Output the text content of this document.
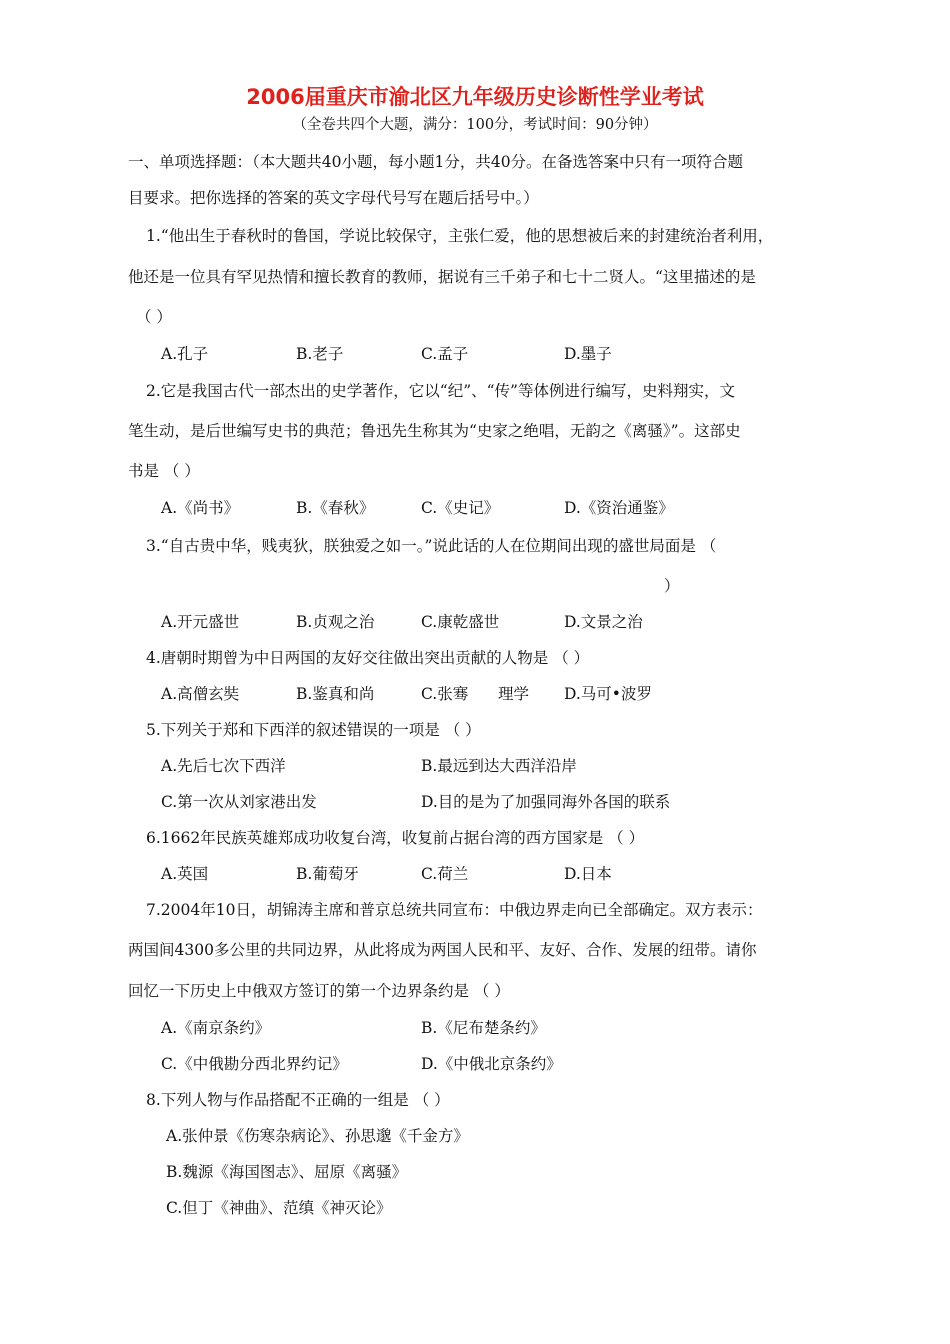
2006届重庆市渝北区九年级历史诊断性学业考试
（全卷共四个大题，满分：100分，考试时间：90分钟）
一、单项选择题：（本大题共40小题，每小题1分，共40分。在备选答案中只有一项符合题
目要求。把你选择的答案的英文字母代号写在题后括号中。）
1.“他出生于春秋时的鲁国，学说比较保守，主张仁爱，他的思想被后来的封建统治者利用，
他还是一位具有罕见热情和擅长教育的教师，据说有三千弟子和七十二贤人。“这里描述的是
（ ）
A.孔子	B.老子	C.孟子	D.墨子
2.它是我国古代一部杰出的史学著作，它以“纪”、“传”等体例进行编写，史料翔实，文
笔生动，是后世编写史书的典范；鲁迅先生称其为“史家之绝唱，无韵之《离骚》”。这部史
书是 （ ）
A.《尚书》	B.《春秋》	C.《史记》	D.《资治通鉴》
3.“自古贵中华，贱夷狄，朕独爱之如一。”说此话的人在位期间出现的盛世局面是 （
）
A.开元盛世	B.贞观之治	C.康乾盛世	D.文景之治
4.唐朝时期曾为中日两国的友好交往做出突出贡献的人物是 （ ）
A.高僧玄奘	B.鉴真和尚	C.张骞 理学 D.马可•波罗
5.下列关于郑和下西洋的叙述错误的一项是 （ ）
A.先后七次下西洋	B.最远到达大西洋沿岸
C.第一次从刘家港出发	D.目的是为了加强同海外各国的联系
6.1662年民族英雄郑成功收复台湾，收复前占据台湾的西方国家是 （ ）
A.英国	B.葡萄牙	C.荷兰	D.日本
7.2004年10日，胡锦涛主席和普京总统共同宣布：中俄边界走向已全部确定。双方表示：
两国间4300多公里的共同边界，从此将成为两国人民和平、友好、合作、发展的纽带。请你
回忆一下历史上中俄双方签订的第一个边界条约是 （ ）
A.《南京条约》	B.《尼布楚条约》
C.《中俄勘分西北界约记》	D.《中俄北京条约》
8.下列人物与作品搭配不正确的一组是 （ ）
A.张仲景《伤寒杂病论》、孙思邈《千金方》
B.魏源《海国图志》、屈原《离骚》
C.但丁《神曲》、范缜《神灭论》
